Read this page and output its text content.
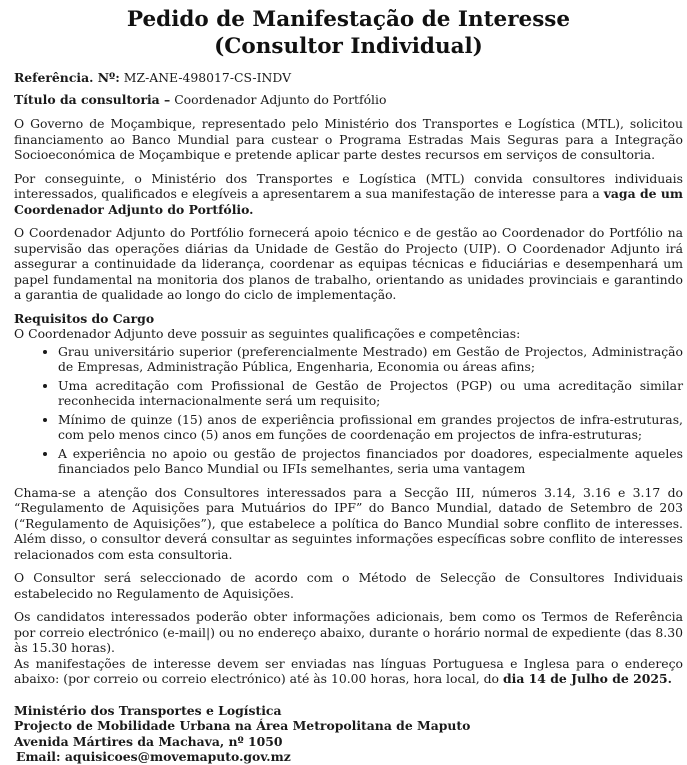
Pedido de Manifestação de Interesse
(Consultor Individual)
Referência. Nº: MZ-ANE-498017-CS-INDV
Título da consultoria – Coordenador Adjunto do Portfólio

O Governo de Moçambique, representado pelo Ministério dos Transportes e Logística (MTL), solicitou financiamento ao Banco Mundial para custear o Programa Estradas Mais Seguras para a Integração Socioeconómica de Moçambique e pretende aplicar parte destes recursos em serviços de consultoria.

Por conseguinte, o Ministério dos Transportes e Logística (MTL) convida consultores individuais interessados, qualificados e elegíveis a apresentarem a sua manifestação de interesse para a vaga de um Coordenador Adjunto do Portfólio.

O Coordenador Adjunto do Portfólio fornecerá apoio técnico e de gestão ao Coordenador do Portfólio na supervisão das operações diárias da Unidade de Gestão do Projecto (UIP). O Coordenador Adjunto irá assegurar a continuidade da liderança, coordenar as equipas técnicas e fiduciárias e desempenhará um papel fundamental na monitoria dos planos de trabalho, orientando as unidades provinciais e garantindo a garantia de qualidade ao longo do ciclo de implementação.

Requisitos do Cargo
O Coordenador Adjunto deve possuir as seguintes qualificações e competências:
• Grau universitário superior (preferencialmente Mestrado) em Gestão de Projectos, Administração de Empresas, Administração Pública, Engenharia, Economia ou áreas afins;
• Uma acreditação com Profissional de Gestão de Projectos (PGP) ou uma acreditação similar reconhecida internacionalmente será um requisito;
• Mínimo de quinze (15) anos de experiência profissional em grandes projectos de infra-estruturas, com pelo menos cinco (5) anos em funções de coordenação em projectos de infra-estruturas;
• A experiência no apoio ou gestão de projectos financiados por doadores, especialmente aqueles financiados pelo Banco Mundial ou IFIs semelhantes, seria uma vantagem

Chama-se a atenção dos Consultores interessados para a Secção III, números 3.14, 3.16 e 3.17 do “Regulamento de Aquisições para Mutuários do IPF” do Banco Mundial, datado de Setembro de 203 (“Regulamento de Aquisições”), que estabelece a política do Banco Mundial sobre conflito de interesses. Além disso, o consultor deverá consultar as seguintes informações específicas sobre conflito de interesses relacionados com esta consultoria.

O Consultor será seleccionado de acordo com o Método de Selecção de Consultores Individuais estabelecido no Regulamento de Aquisições.

Os candidatos interessados poderão obter informações adicionais, bem como os Termos de Referência por correio electrónico (e-mail|) ou no endereço abaixo, durante o horário normal de expediente (das 8.30 às 15.30 horas).

As manifestações de interesse devem ser enviadas nas línguas Portuguesa e Inglesa para o endereço abaixo: (por correio ou correio electrónico) até às 10.00 horas, hora local, do dia 14 de Julho de 2025.

Ministério dos Transportes e Logística
Projecto de Mobilidade Urbana na Área Metropolitana de Maputo
Avenida Mártires da Machava, nº 1050
Email: aquisicoes@movemaputo.gov.mz
